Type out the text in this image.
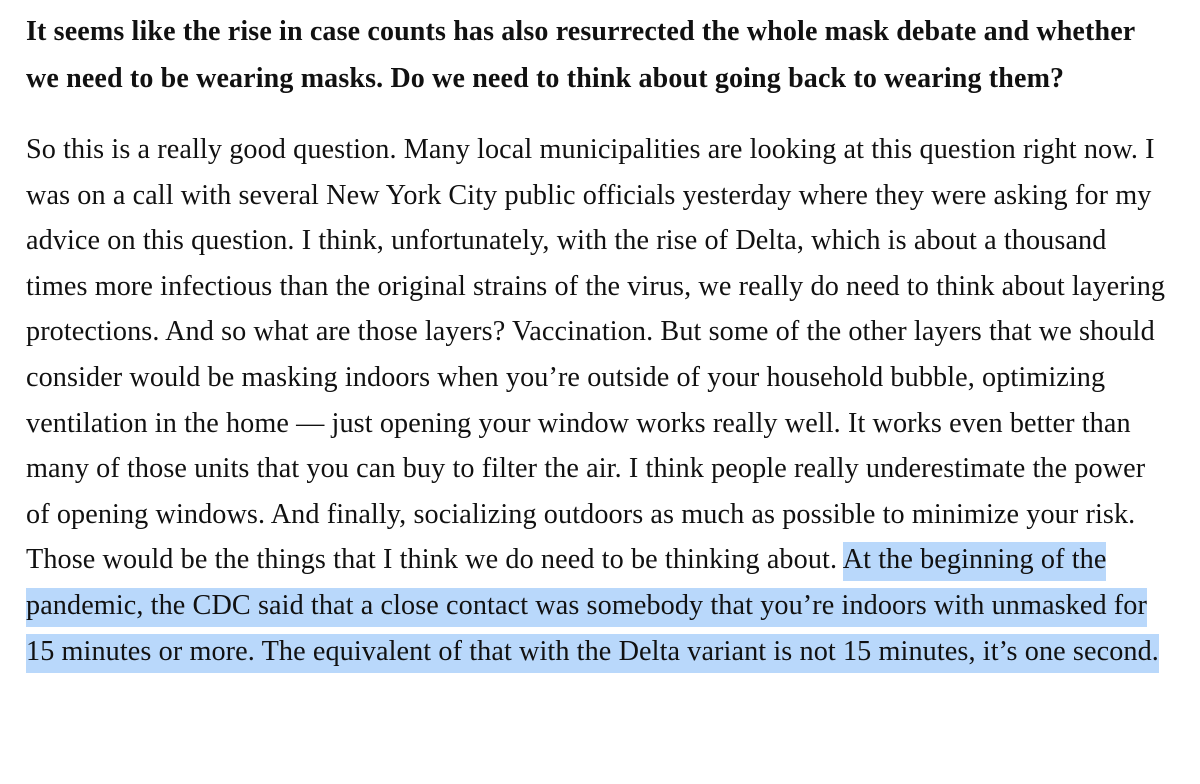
It seems like the rise in case counts has also resurrected the whole mask debate and whether we need to be wearing masks. Do we need to think about going back to wearing them?

So this is a really good question. Many local municipalities are looking at this question right now. I was on a call with several New York City public officials yesterday where they were asking for my advice on this question. I think, unfortunately, with the rise of Delta, which is about a thousand times more infectious than the original strains of the virus, we really do need to think about layering protections. And so what are those layers? Vaccination. But some of the other layers that we should consider would be masking indoors when you’re outside of your household bubble, optimizing ventilation in the home — just opening your window works really well. It works even better than many of those units that you can buy to filter the air. I think people really underestimate the power of opening windows. And finally, socializing outdoors as much as possible to minimize your risk. Those would be the things that I think we do need to be thinking about. At the beginning of the pandemic, the CDC said that a close contact was somebody that you’re indoors with unmasked for 15 minutes or more. The equivalent of that with the Delta variant is not 15 minutes, it’s one second.
